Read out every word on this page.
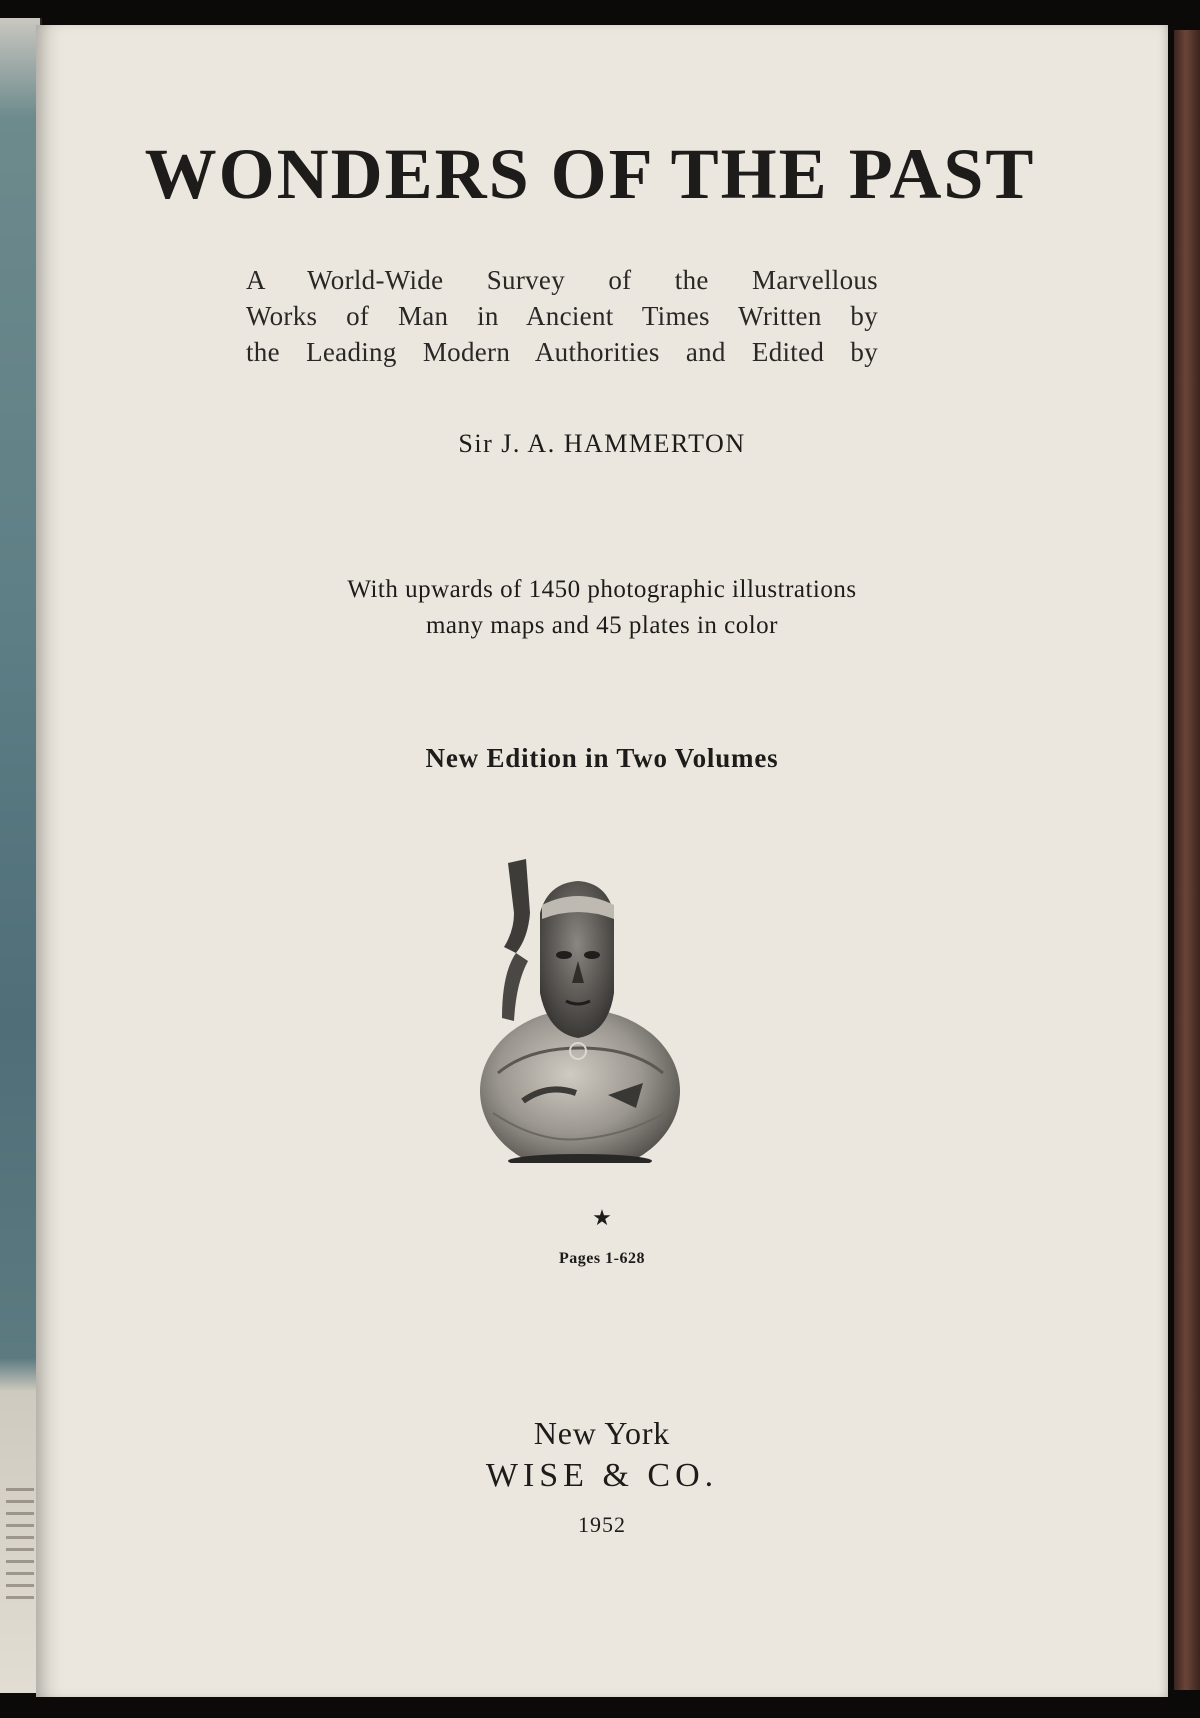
WONDERS OF THE PAST
A World-Wide Survey of the Marvellous
Works of Man in Ancient Times Written by
the Leading Modern Authorities and Edited by
Sir J. A. HAMMERTON
With upwards of 1450 photographic illustrations
many maps and 45 plates in color
New Edition in Two Volumes
★
Pages 1-628
New York
WISE & CO.
1952
